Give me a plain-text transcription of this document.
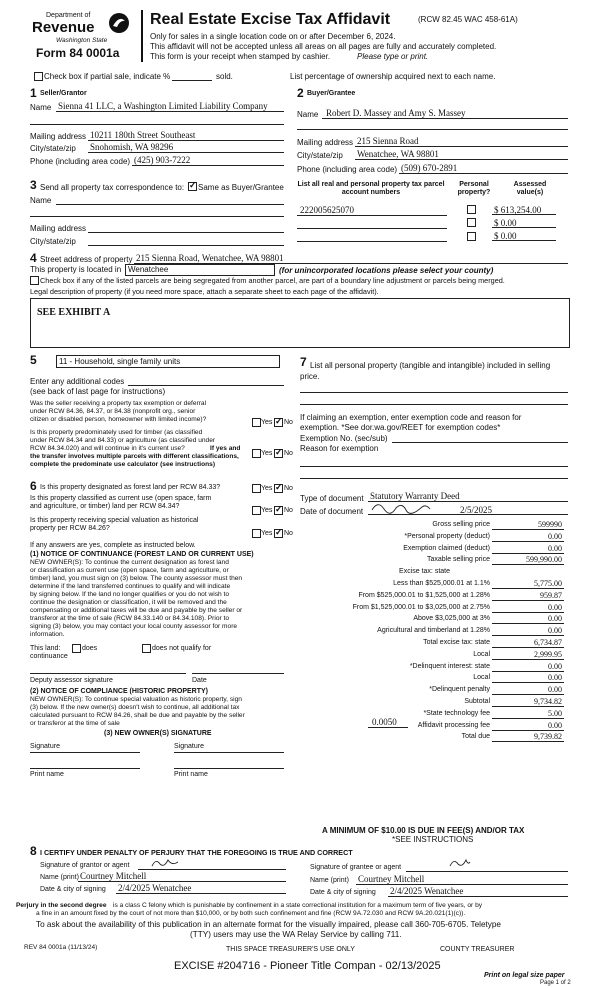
Department of
Revenue
Washington State
Form 84 0001a
Real Estate Excise Tax Affidavit	(RCW 82.45 WAC 458-61A)
Only for sales in a single location code on or after December 6, 2024.
This affidavit will not be accepted unless all areas on all pages are fully and accurately completed.
This form is your receipt when stamped by cashier.	Please type or print.
Check box if partial sale, indicate %	sold.	List percentage of ownership acquired next to each name.
1 Seller/Grantor
Name Sienna 41 LLC, a Washington Limited Liability Company
Mailing address 10211 180th Street Southeast
City/state/zip Snohomish, WA 98296
Phone (including area code) (425) 903-7222
2 Buyer/Grantee
Name Robert D. Massey and Amy S. Massey
Mailing address 215 Sienna Road
City/state/zip Wenatchee, WA 98801
Phone (including area code) (509) 670-2891
3 Send all property tax correspondence to: ✓ Same as Buyer/Grantee
Name
Mailing address
City/state/zip
List all real and personal property tax parcel account numbers
Personal property?
Assessed value(s)
222005625070	$ 613,254.00
$ 0.00
$ 0.00
4 Street address of property 215 Sienna Road, Wenatchee, WA 98801
This property is located in Wenatchee	(for unincorporated locations please select your county)
Check box if any of the listed parcels are being segregated from another parcel, are part of a boundary line adjustment or parcels being merged.
Legal description of property (if you need more space, attach a separate sheet to each page of the affidavit).
SEE EXHIBIT A
5	11 - Household, single family units
Enter any additional codes
(see back of last page for instructions)
Was the seller receiving a property tax exemption or deferral
under RCW 84.36, 84.37, or 84.38 (nonprofit org., senior
citizen or disabled person, homeowner with limited income)?	Yes ✓ No
Is this property predominately used for timber (as classified
under RCW 84.34 and 84.33) or agriculture (as classified under
RCW 84.34.020) and will continue in it's current use?	If yes and
the transfer involves multiple parcels with different classifications,
complete the predominate use calculator (see instructions)
Yes ✓ No
7 List all personal property (tangible and intangible) included in selling
price.
If claiming an exemption, enter exemption code and reason for
exemption. *See dor.wa.gov/REET for exemption codes*
Exemption No. (sec/sub)
Reason for exemption
6 Is this property designated as forest land per RCW 84.33?	Yes ✓ No
Is this property classified as current use (open space, farm
and agriculture, or timber) land per RCW 84.34?
Yes ✓ No
Is this property receiving special valuation as historical
property per RCW 84.26?
Yes ✓ No
If any answers are yes, complete as instructed below.
(1) NOTICE OF CONTINUANCE (FOREST LAND OR CURRENT USE)
NEW OWNER(S): To continue the current designation as forest land
or classification as current use (open space, farm and agriculture, or
timber) land, you must sign on (3) below. The county assessor must then
determine if the land transferred continues to qualify and will indicate
by signing below. If the land no longer qualifies or you do not wish to
continue the designation or classification, it will be removed and the
compensating or additional taxes will be due and payable by the seller or
transferor at the time of sale (RCW 84.33.140 or 84.34.108). Prior to
signing (3) below, you may contact your local county assessor for more
information.
This land:
continuance
does	does not qualify for
Deputy assessor signature	Date
(2) NOTICE OF COMPLIANCE (HISTORIC PROPERTY)
NEW OWNER(S): To continue special valuation as historic property, sign
(3) below. If the new owner(s) doesn't wish to continue, all additional tax
calculated pursuant to RCW 84.26, shall be due and payable by the seller
or transferor at the time of sale
(3) NEW OWNER(S) SIGNATURE
Signature	Signature
Print name	Print name
Type of document Statutory Warranty Deed
Date of document	2/5/2025
0.0050
Gross selling price	599990
*Personal property (deduct)	0.00
Exemption claimed (deduct)	0.00
Taxable selling price	599,990.00
Excise tax: state
Less than $525,000.01 at 1.1%	5,775.00
From $525,000.01 to $1,525,000 at 1.28%	959.87
From $1,525,000.01 to $3,025,000 at 2.75%	0.00
Above $3,025,000 at 3%	0.00
Agricultural and timberland at 1.28%	0.00
Total excise tax: state	6,734.87
Local	2,999.95
*Delinquent interest: state	0.00
Local	0.00
*Delinquent penalty	0.00
Subtotal	9,734.82
*State technology fee	5.00
Affidavit processing fee	0.00
Total due	9,739.82
A MINIMUM OF $10.00 IS DUE IN FEE(S) AND/OR TAX
*SEE INSTRUCTIONS
8 I CERTIFY UNDER PENALTY OF PERJURY THAT THE FOREGOING IS TRUE AND CORRECT
Signature of grantor or agent
Name (print) Courtney Mitchell
Date & city of signing 2/4/2025 Wenatchee
Signature of grantee or agent
Name (print) Courtney Mitchell
Date & city of signing 2/4/2025 Wenatchee
Perjury in the second degree is a class C felony which is punishable by confinement in a state correctional institution for a maximum term of five years, or by
a fine in an amount fixed by the court of not more than $10,000, or by both such confinement and fine (RCW 9A.72.030 and RCW 9A.20.021(1)(c)).
To ask about the availability of this publication in an alternate format for the visually impaired, please call 360-705-6705. Teletype
(TTY) users may use the WA Relay Service by calling 711.
REV 84 0001a (11/13/24)	THIS SPACE TREASURER'S USE ONLY	COUNTY TREASURER
EXCISE #204716 - Pioneer Title Compan - 02/13/2025
Print on legal size paper
Page 1 of 2
